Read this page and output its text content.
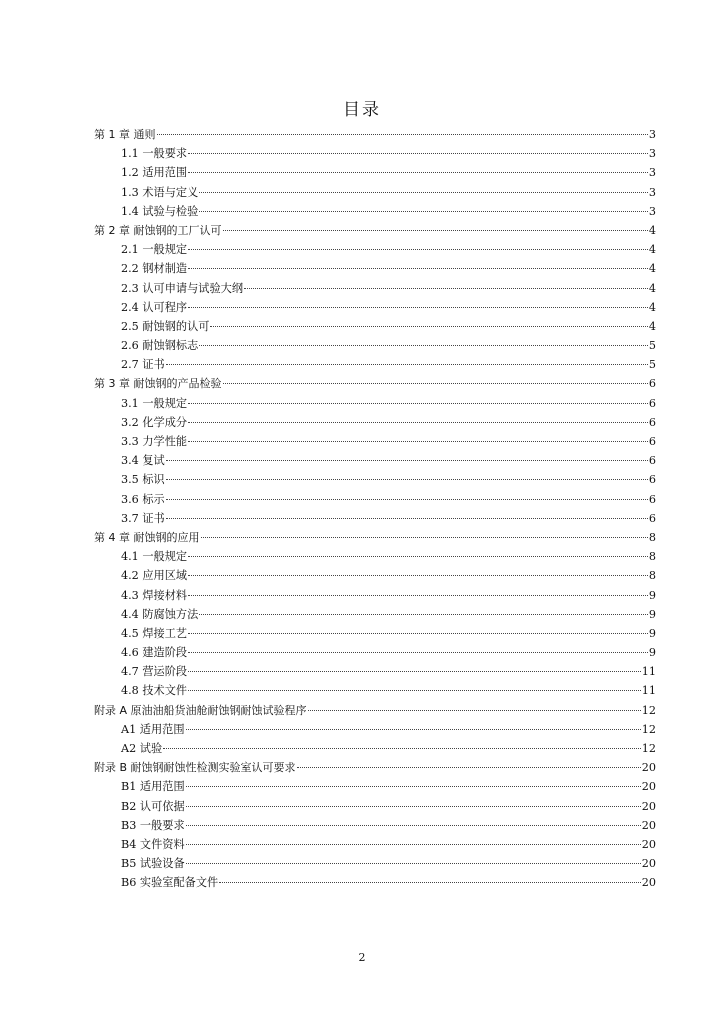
目录
第 1 章 通则	3
1.1 一般要求	3
1.2 适用范围	3
1.3 术语与定义	3
1.4 试验与检验	3
第 2 章 耐蚀钢的工厂认可	4
2.1 一般规定	4
2.2 钢材制造	4
2.3 认可申请与试验大纲	4
2.4 认可程序	4
2.5 耐蚀钢的认可	4
2.6 耐蚀钢标志	5
2.7 证书	5
第 3 章 耐蚀钢的产品检验	6
3.1 一般规定	6
3.2 化学成分	6
3.3 力学性能	6
3.4 复试	6
3.5 标识	6
3.6 标示	6
3.7 证书	6
第 4 章 耐蚀钢的应用	8
4.1 一般规定	8
4.2 应用区域	8
4.3 焊接材料	9
4.4 防腐蚀方法	9
4.5 焊接工艺	9
4.6 建造阶段	9
4.7 营运阶段	11
4.8 技术文件	11
附录 A 原油油船货油舱耐蚀钢耐蚀试验程序	12
A1 适用范围	12
A2 试验	12
附录 B 耐蚀钢耐蚀性检测实验室认可要求	20
B1 适用范围	20
B2 认可依据	20
B3 一般要求	20
B4 文件资料	20
B5 试验设备	20
B6 实验室配备文件	20
2
